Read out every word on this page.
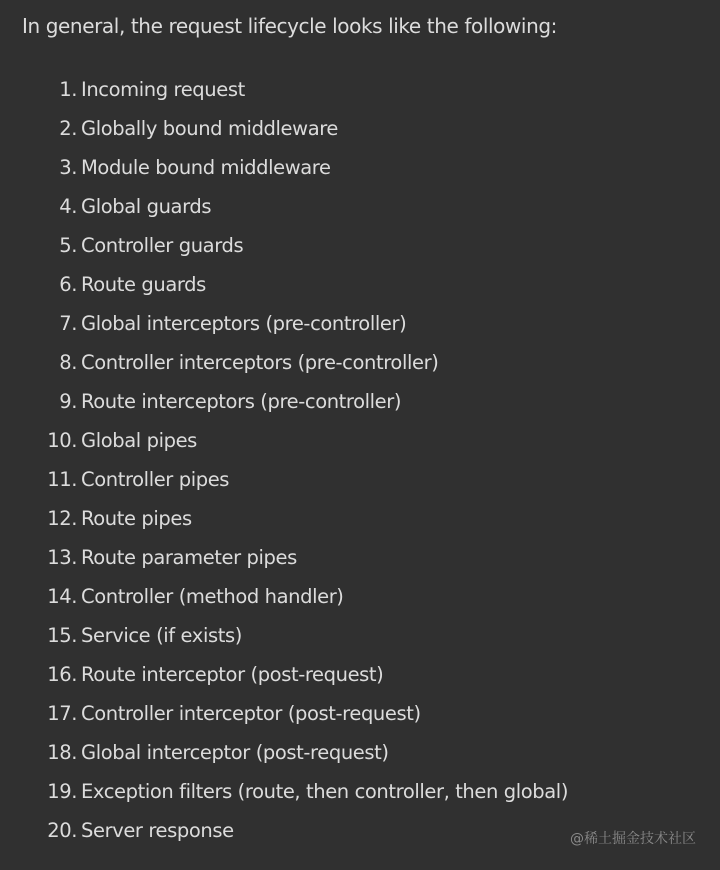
In general, the request lifecycle looks like the following:

1. Incoming request
2. Globally bound middleware
3. Module bound middleware
4. Global guards
5. Controller guards
6. Route guards
7. Global interceptors (pre-controller)
8. Controller interceptors (pre-controller)
9. Route interceptors (pre-controller)
10. Global pipes
11. Controller pipes
12. Route pipes
13. Route parameter pipes
14. Controller (method handler)
15. Service (if exists)
16. Route interceptor (post-request)
17. Controller interceptor (post-request)
18. Global interceptor (post-request)
19. Exception filters (route, then controller, then global)
20. Server response	@稀土掘金技术社区
